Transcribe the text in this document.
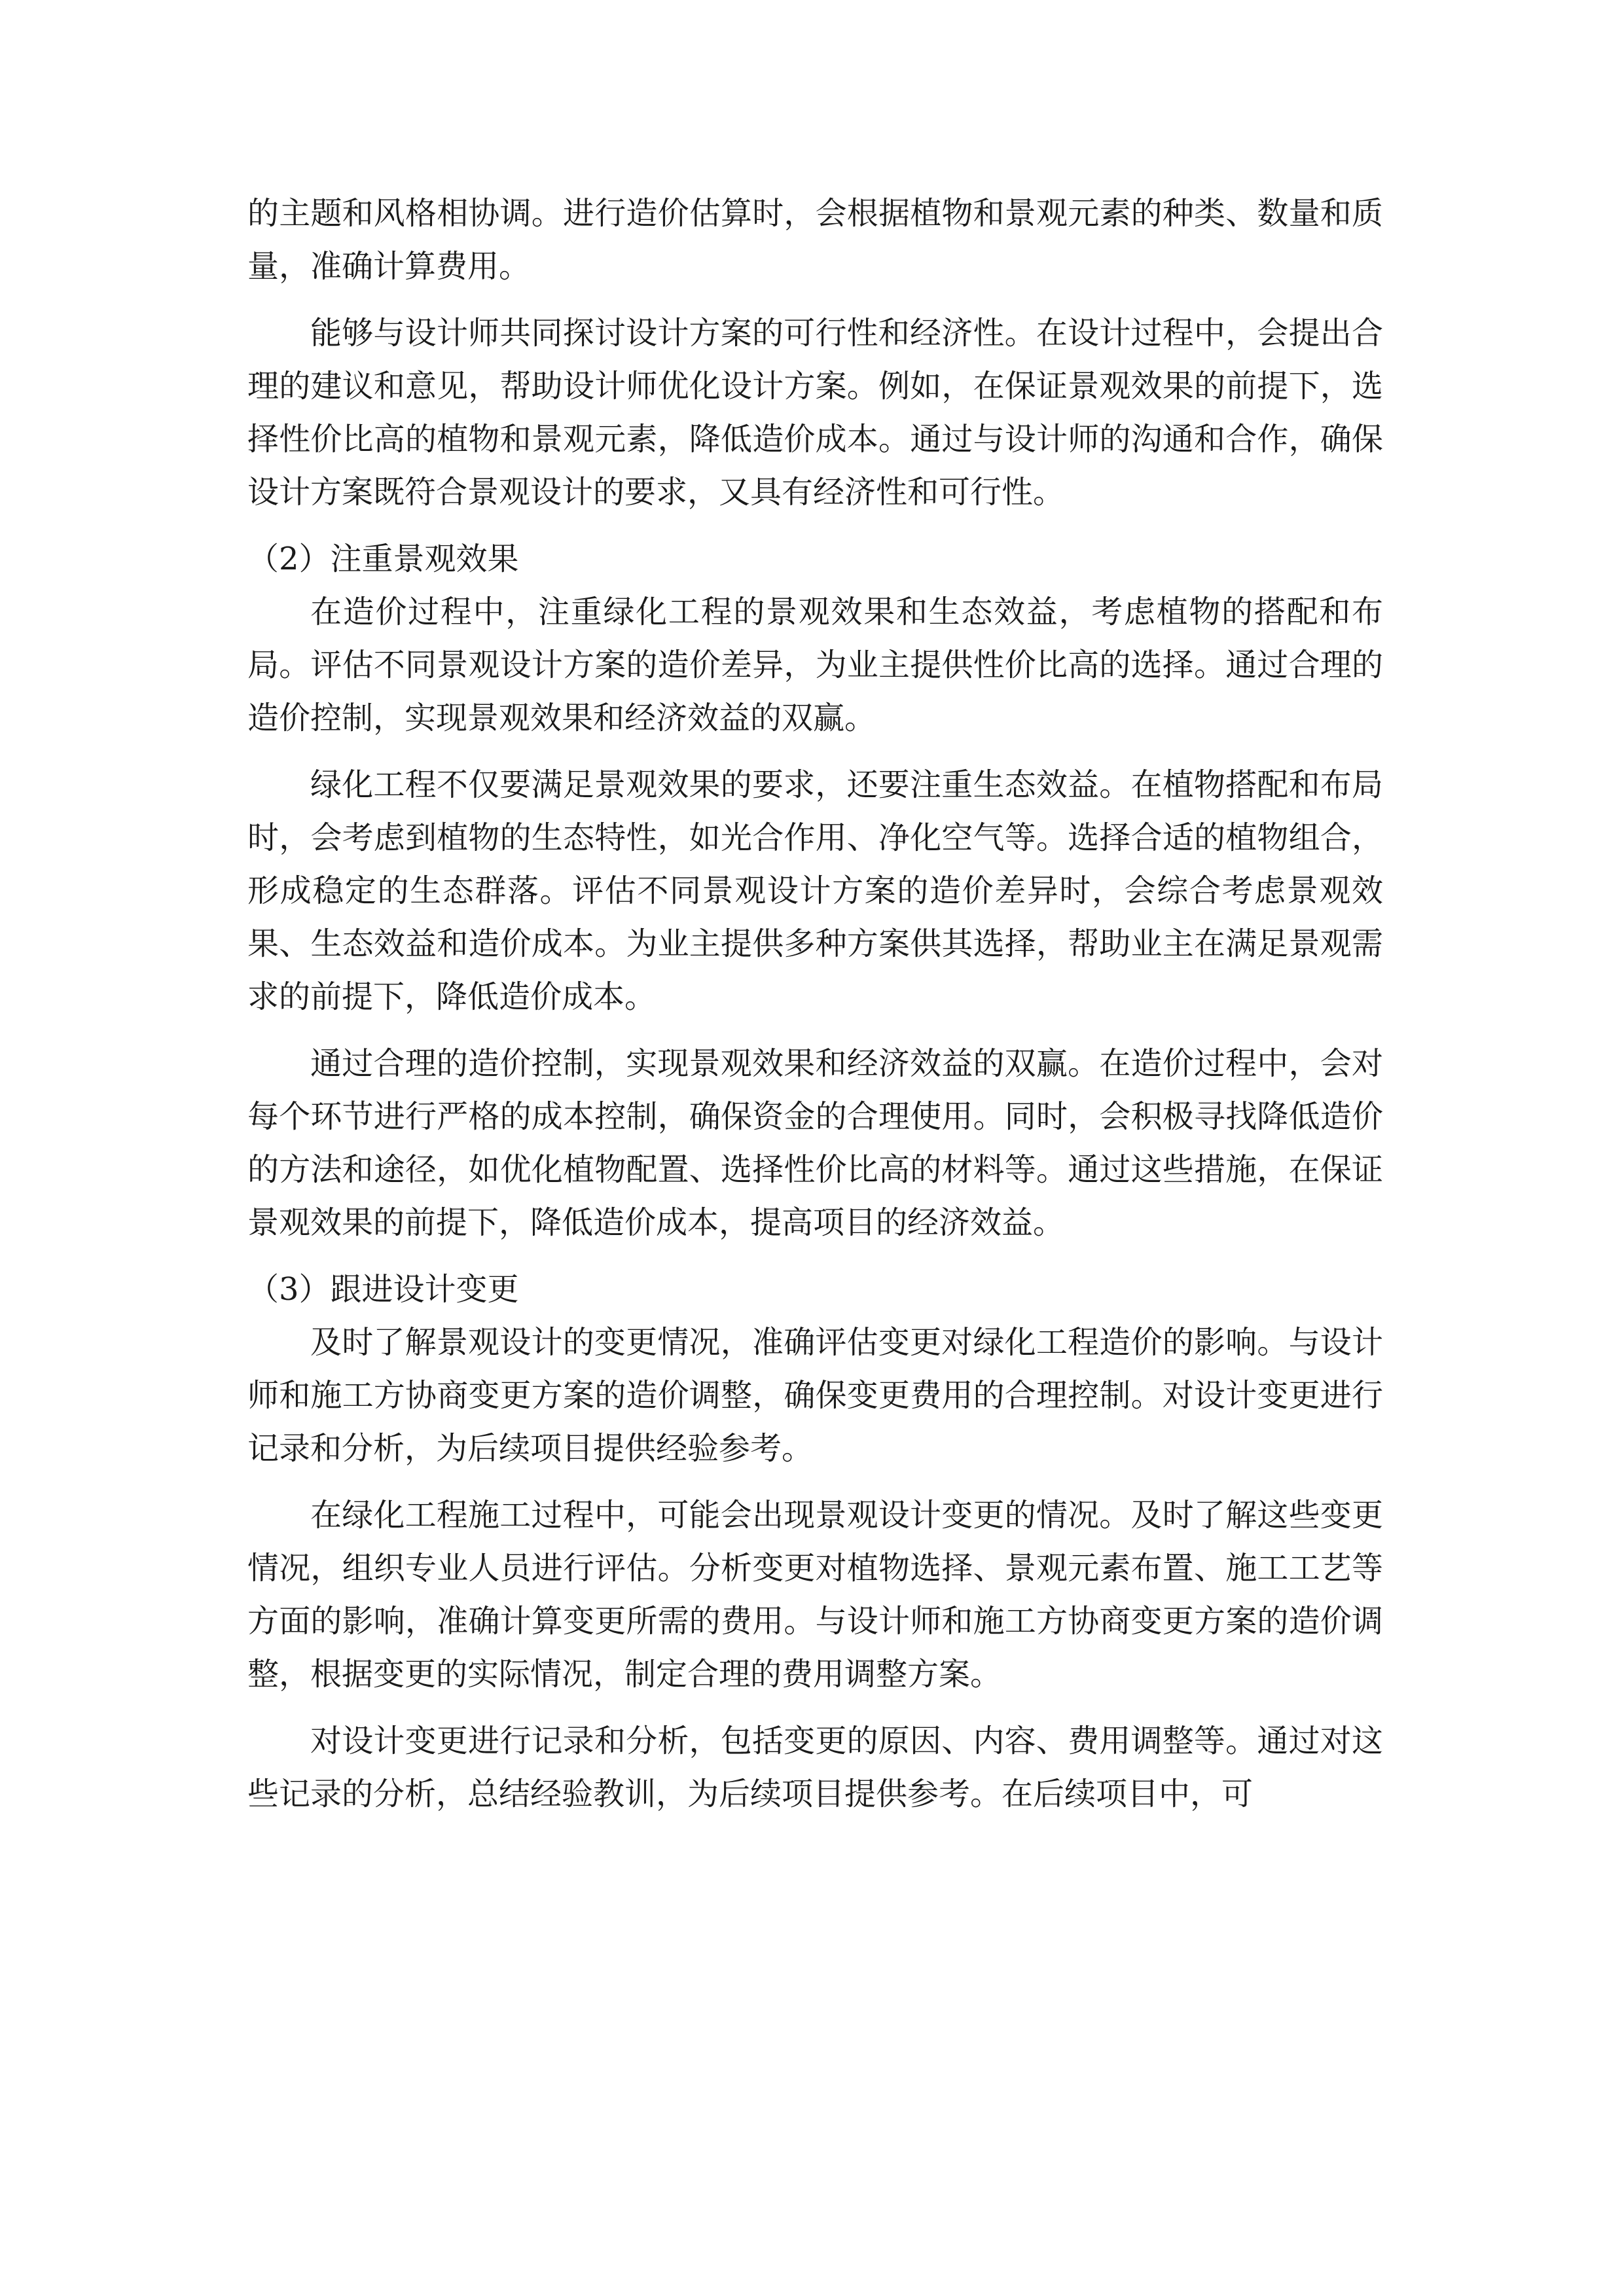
的主题和风格相协调。进行造价估算时，会根据植物和景观元素的种类、数量和质量，准确计算费用。

能够与设计师共同探讨设计方案的可行性和经济性。在设计过程中，会提出合理的建议和意见，帮助设计师优化设计方案。例如，在保证景观效果的前提下，选择性价比高的植物和景观元素，降低造价成本。通过与设计师的沟通和合作，确保设计方案既符合景观设计的要求，又具有经济性和可行性。

（2）注重景观效果

在造价过程中，注重绿化工程的景观效果和生态效益，考虑植物的搭配和布局。评估不同景观设计方案的造价差异，为业主提供性价比高的选择。通过合理的造价控制，实现景观效果和经济效益的双赢。

绿化工程不仅要满足景观效果的要求，还要注重生态效益。在植物搭配和布局时，会考虑到植物的生态特性，如光合作用、净化空气等。选择合适的植物组合，形成稳定的生态群落。评估不同景观设计方案的造价差异时，会综合考虑景观效果、生态效益和造价成本。为业主提供多种方案供其选择，帮助业主在满足景观需求的前提下，降低造价成本。

通过合理的造价控制，实现景观效果和经济效益的双赢。在造价过程中，会对每个环节进行严格的成本控制，确保资金的合理使用。同时，会积极寻找降低造价的方法和途径，如优化植物配置、选择性价比高的材料等。通过这些措施，在保证景观效果的前提下，降低造价成本，提高项目的经济效益。

（3）跟进设计变更

及时了解景观设计的变更情况，准确评估变更对绿化工程造价的影响。与设计师和施工方协商变更方案的造价调整，确保变更费用的合理控制。对设计变更进行记录和分析，为后续项目提供经验参考。

在绿化工程施工过程中，可能会出现景观设计变更的情况。及时了解这些变更情况，组织专业人员进行评估。分析变更对植物选择、景观元素布置、施工工艺等方面的影响，准确计算变更所需的费用。与设计师和施工方协商变更方案的造价调整，根据变更的实际情况，制定合理的费用调整方案。

对设计变更进行记录和分析，包括变更的原因、内容、费用调整等。通过对这些记录的分析，总结经验教训，为后续项目提供参考。在后续项目中，可
